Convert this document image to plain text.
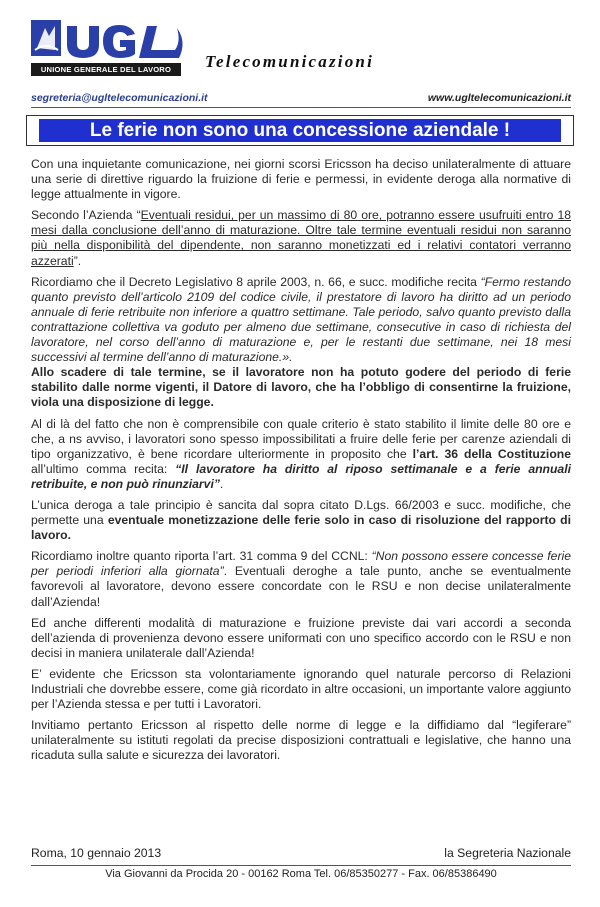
UNIONE GENERALE DEL LAVORO	Telecomunicazioni
segreteria@ugltelecomunicazioni.it	www.ugltelecomunicazioni.it
Le ferie non sono una concessione aziendale !

Con una inquietante comunicazione, nei giorni scorsi Ericsson ha deciso unilateralmente di attuare una serie di direttive riguardo la fruizione di ferie e permessi, in evidente deroga alla normative di legge attualmente in vigore.

Secondo l’Azienda “Eventuali residui, per un massimo di 80 ore, potranno essere usufruiti entro 18 mesi dalla conclusione dell’anno di maturazione. Oltre tale termine eventuali residui non saranno più nella disponibilità del dipendente, non saranno monetizzati ed i relativi contatori verranno azzerati”.

Ricordiamo che il Decreto Legislativo 8 aprile 2003, n. 66, e succ. modifiche recita “Fermo restando quanto previsto dell’articolo 2109 del codice civile, il prestatore di lavoro ha diritto ad un periodo annuale di ferie retribuite non inferiore a quattro settimane. Tale periodo, salvo quanto previsto dalla contrattazione collettiva va goduto per almeno due settimane, consecutive in caso di richiesta del lavoratore, nel corso dell’anno di maturazione e, per le restanti due settimane, nei 18 mesi successivi al termine dell’anno di maturazione.».

Allo scadere di tale termine, se il lavoratore non ha potuto godere del periodo di ferie stabilito dalle norme vigenti, il Datore di lavoro, che ha l’obbligo di consentirne la fruizione, viola una disposizione di legge.

Al di là del fatto che non è comprensibile con quale criterio è stato stabilito il limite delle 80 ore e che, a ns avviso, i lavoratori sono spesso impossibilitati a fruire delle ferie per carenze aziendali di tipo organizzativo, è bene ricordare ulteriormente in proposito che l’art. 36 della Costituzione all’ultimo comma recita: “Il lavoratore ha diritto al riposo settimanale e a ferie annuali retribuite, e non può rinunziarvi”.

L’unica deroga a tale principio è sancita dal sopra citato D.Lgs. 66/2003 e succ. modifiche, che permette una eventuale monetizzazione delle ferie solo in caso di risoluzione del rapporto di lavoro.

Ricordiamo inoltre quanto riporta l’art. 31 comma 9 del CCNL: “Non possono essere concesse ferie per periodi inferiori alla giornata”. Eventuali deroghe a tale punto, anche se eventualmente favorevoli al lavoratore, devono essere concordate con le RSU e non decise unilateralmente dall’Azienda!

Ed anche differenti modalità di maturazione e fruizione previste dai vari accordi a seconda dell’azienda di provenienza devono essere uniformati con uno specifico accordo con le RSU e non decisi in maniera unilaterale dall’Azienda!

E’ evidente che Ericsson sta volontariamente ignorando quel naturale percorso di Relazioni Industriali che dovrebbe essere, come già ricordato in altre occasioni, un importante valore aggiunto per l’Azienda stessa e per tutti i Lavoratori.

Invitiamo pertanto Ericsson al rispetto delle norme di legge e la diffidiamo dal “legiferare” unilateralmente su istituti regolati da precise disposizioni contrattuali e legislative, che hanno una ricaduta sulla salute e sicurezza dei lavoratori.

Roma, 10 gennaio 2013	la Segreteria Nazionale
Via Giovanni da Procida 20 - 00162 Roma Tel. 06/85350277 - Fax. 06/85386490
